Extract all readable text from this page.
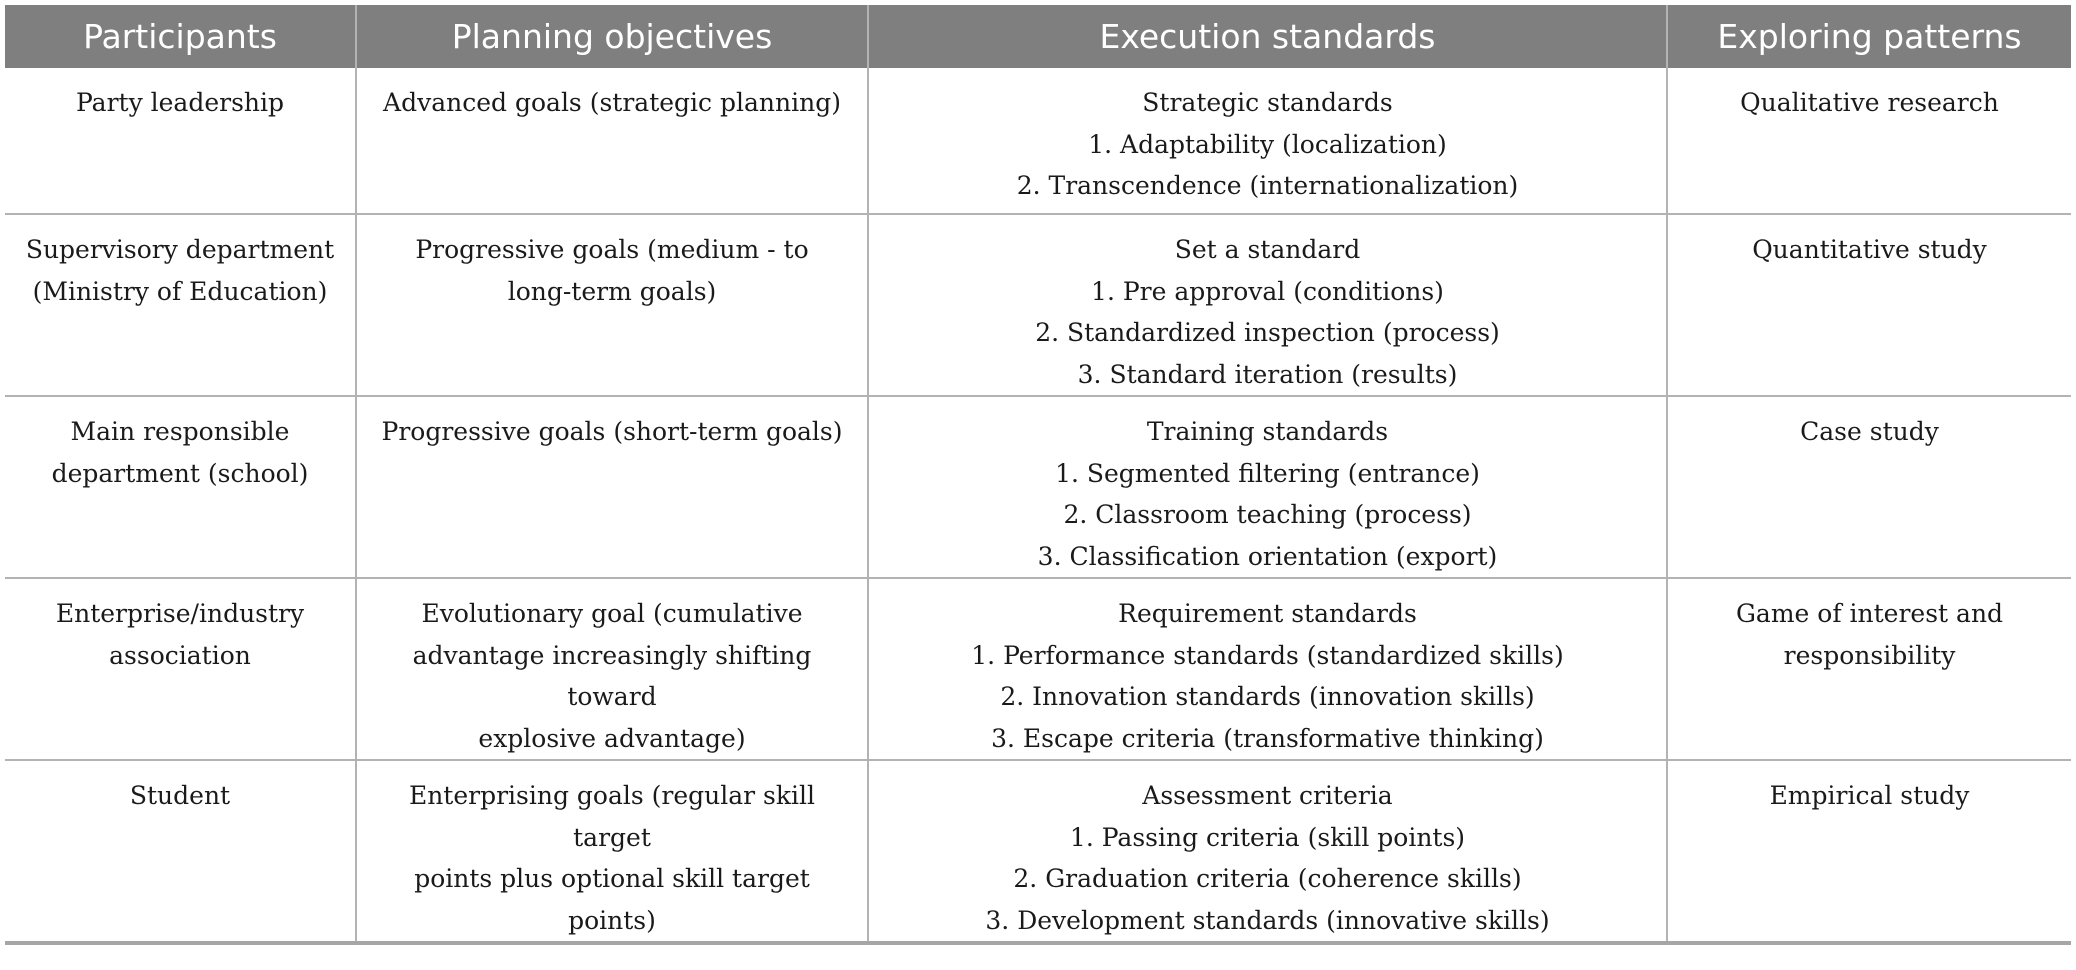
Participants	Planning objectives	Execution standards	Exploring patterns

Party leadership	Advanced goals (strategic planning)	Strategic standards
1. Adaptability (localization)
2. Transcendence (internationalization)	Qualitative research

Supervisory department
(Ministry of Education)	Progressive goals (medium - to
long-term goals)	Set a standard
1. Pre approval (conditions)
2. Standardized inspection (process)
3. Standard iteration (results)	Quantitative study

Main responsible
department (school)	Progressive goals (short-term goals)	Training standards
1. Segmented filtering (entrance)
2. Classroom teaching (process)
3. Classification orientation (export)	Case study

Enterprise/industry
association	Evolutionary goal (cumulative
advantage increasingly shifting toward
explosive advantage)	Requirement standards
1. Performance standards (standardized skills)
2. Innovation standards (innovation skills)
3. Escape criteria (transformative thinking)	Game of interest and
responsibility

Student	Enterprising goals (regular skill target
points plus optional skill target points)	Assessment criteria
1. Passing criteria (skill points)
2. Graduation criteria (coherence skills)
3. Development standards (innovative skills)	Empirical study
